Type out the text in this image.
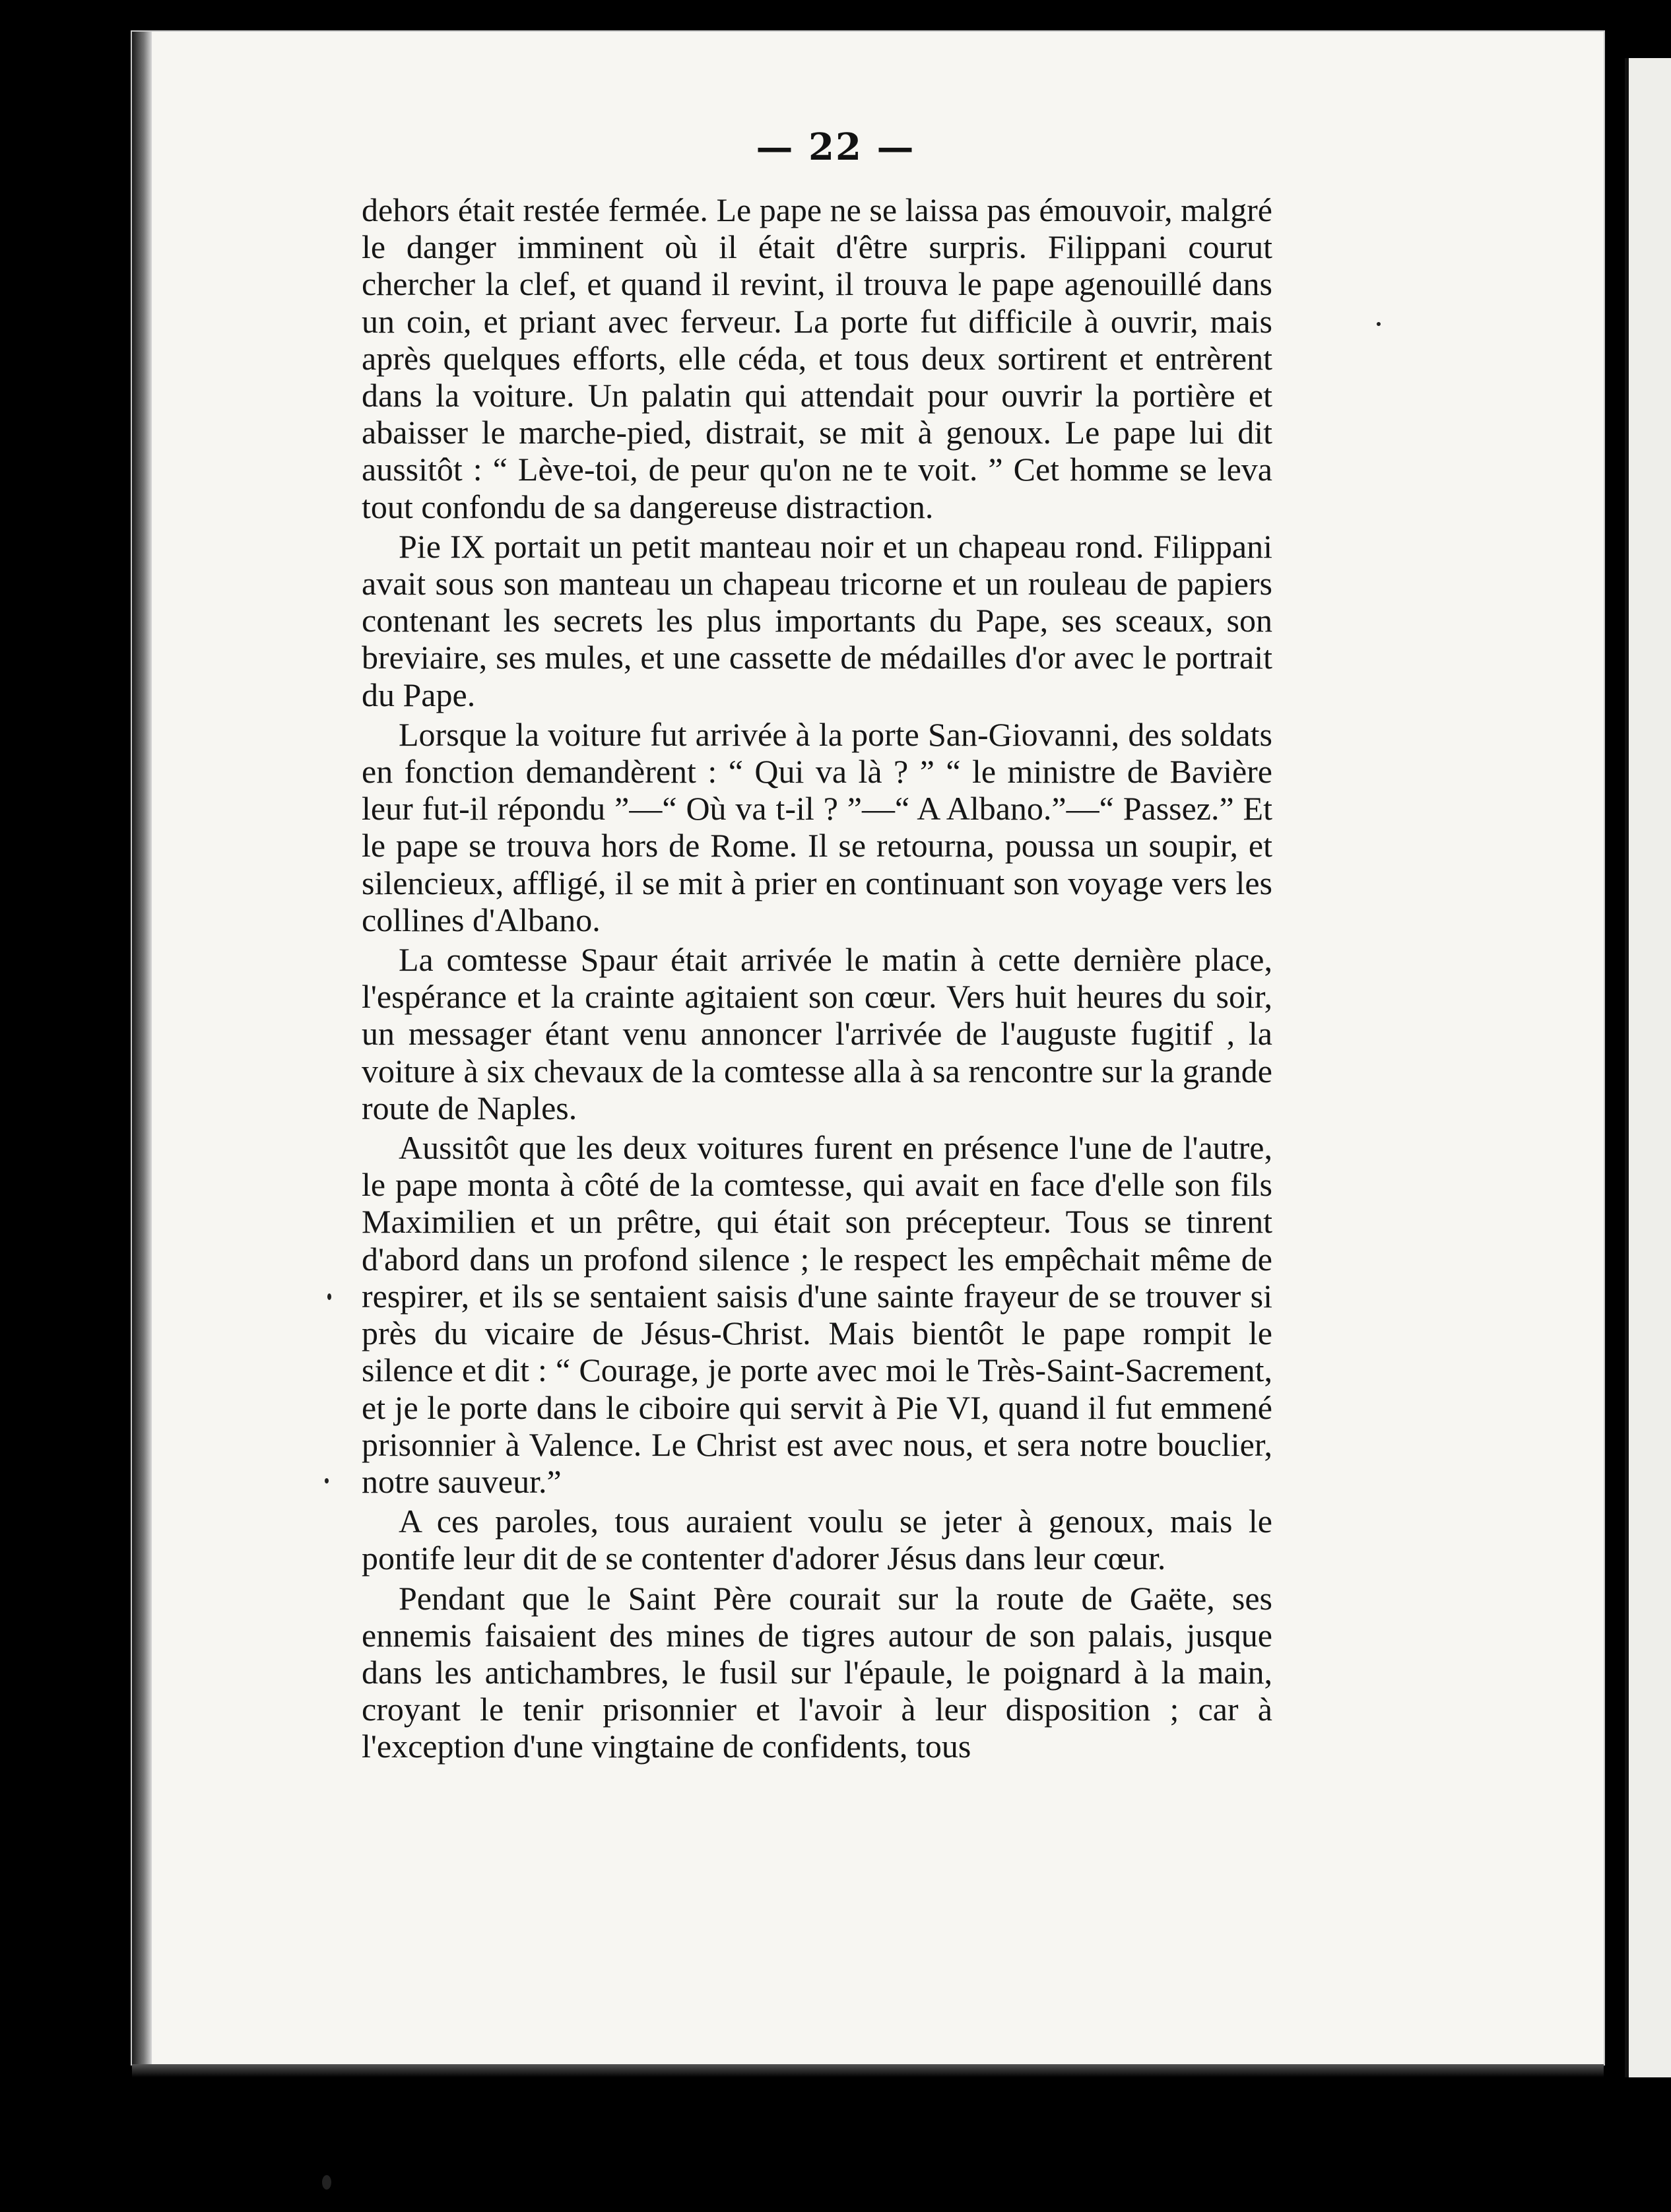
— 22 —

dehors était restée fermée. Le pape ne se laissa pas émouvoir, malgré le danger imminent où il était d'être surpris. Filippani courut chercher la clef, et quand il revint, il trouva le pape agenouillé dans un coin, et priant avec ferveur. La porte fut difficile à ouvrir, mais après quelques efforts, elle céda, et tous deux sortirent et entrèrent dans la voiture. Un palatin qui attendait pour ouvrir la portière et abaisser le marche-pied, distrait, se mit à genoux. Le pape lui dit aussitôt : “ Lève-toi, de peur qu'on ne te voit. ” Cet homme se leva tout confondu de sa dangereuse distraction.

Pie IX portait un petit manteau noir et un chapeau rond. Filippani avait sous son manteau un chapeau tricorne et un rouleau de papiers contenant les secrets les plus importants du Pape, ses sceaux, son breviaire, ses mules, et une cassette de médailles d'or avec le portrait du Pape.

Lorsque la voiture fut arrivée à la porte San-Giovanni, des soldats en fonction demandèrent : “ Qui va là ? ” “ le ministre de Bavière leur fut-il répondu ”—“ Où va t-il ? ”—“ A Albano.”—“ Passez.” Et le pape se trouva hors de Rome. Il se retourna, poussa un soupir, et silencieux, affligé, il se mit à prier en continuant son voyage vers les collines d'Albano.

La comtesse Spaur était arrivée le matin à cette dernière place, l'espérance et la crainte agitaient son cœur. Vers huit heures du soir, un messager étant venu annoncer l'arrivée de l'auguste fugitif , la voiture à six chevaux de la comtesse alla à sa rencontre sur la grande route de Naples.

Aussitôt que les deux voitures furent en présence l'une de l'autre, le pape monta à côté de la comtesse, qui avait en face d'elle son fils Maximilien et un prêtre, qui était son précepteur. Tous se tinrent d'abord dans un profond silence ; le respect les empêchait même de respirer, et ils se sentaient saisis d'une sainte frayeur de se trouver si près du vicaire de Jésus-Christ. Mais bientôt le pape rompit le silence et dit : “ Courage, je porte avec moi le Très-Saint-Sacrement, et je le porte dans le ciboire qui servit à Pie VI, quand il fut emmené prisonnier à Valence. Le Christ est avec nous, et sera notre bouclier, notre sauveur.”

A ces paroles, tous auraient voulu se jeter à genoux, mais le pontife leur dit de se contenter d'adorer Jésus dans leur cœur.

Pendant que le Saint Père courait sur la route de Gaëte, ses ennemis faisaient des mines de tigres autour de son palais, jusque dans les antichambres, le fusil sur l'épaule, le poignard à la main, croyant le tenir prisonnier et l'avoir à leur disposition ; car à l'exception d'une vingtaine de confidents, tous
